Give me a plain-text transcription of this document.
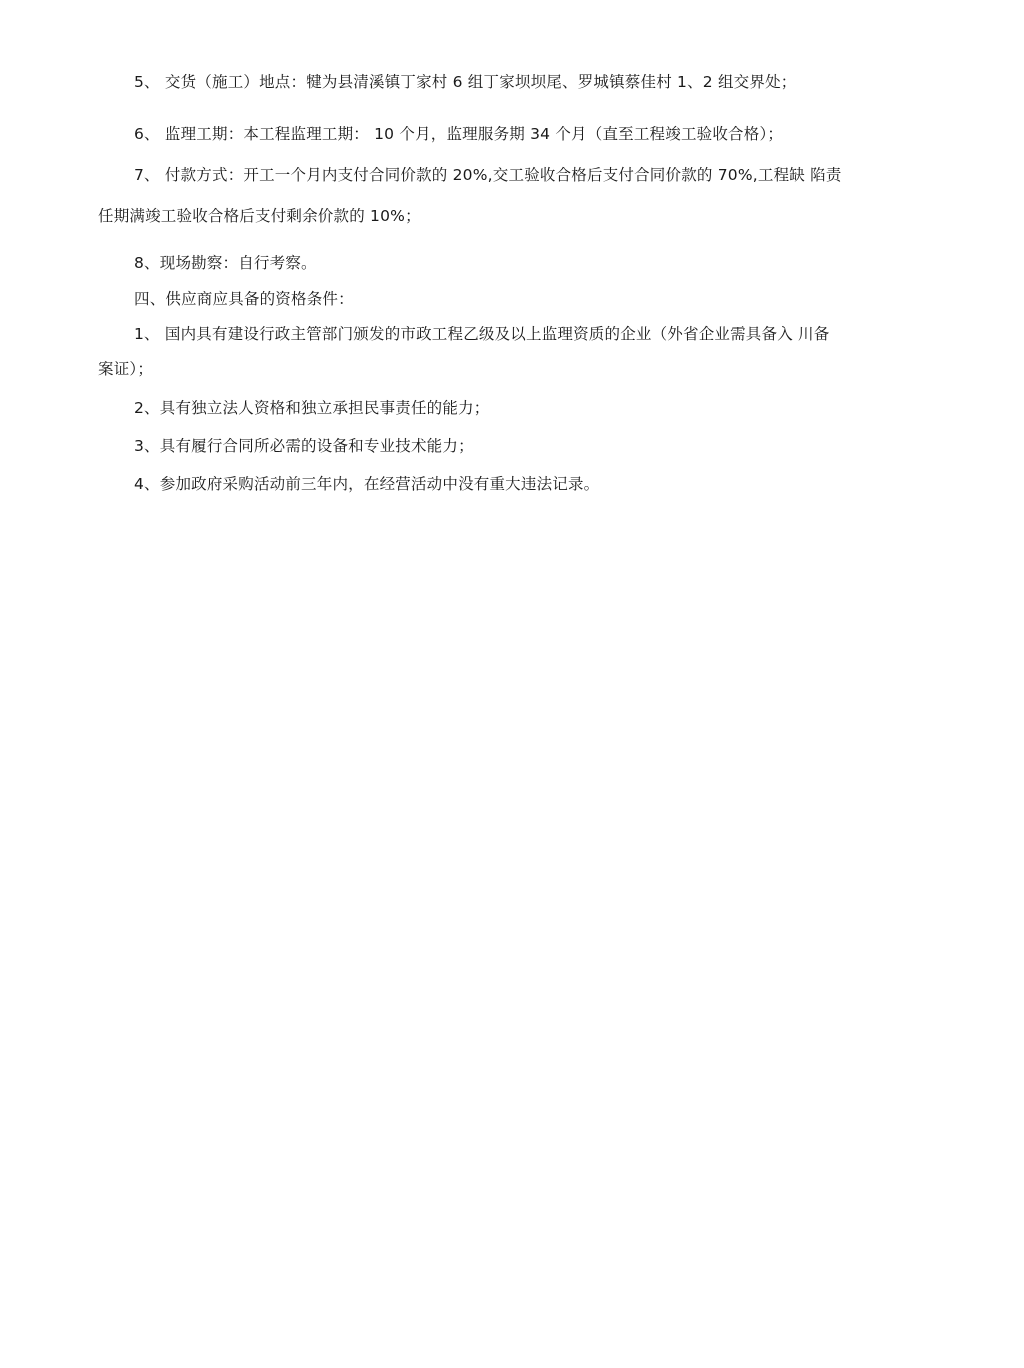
5、 交货（施工）地点：犍为县清溪镇丁家村 6 组丁家坝坝尾、罗城镇蔡佳村 1、2 组交界处；
6、 监理工期：本工程监理工期： 10 个月，监理服务期 34 个月（直至工程竣工验收合格）；
7、 付款方式：开工一个月内支付合同价款的 20%,交工验收合格后支付合同价款的 70%,工程缺 陷责
任期满竣工验收合格后支付剩余价款的 10%；
8、现场勘察：自行考察。
四、供应商应具备的资格条件：
1、 国内具有建设行政主管部门颁发的市政工程乙级及以上监理资质的企业（外省企业需具备入 川备
案证）；
2、具有独立法人资格和独立承担民事责任的能力；
3、具有履行合同所必需的设备和专业技术能力；
4、参加政府采购活动前三年内，在经营活动中没有重大违法记录。
